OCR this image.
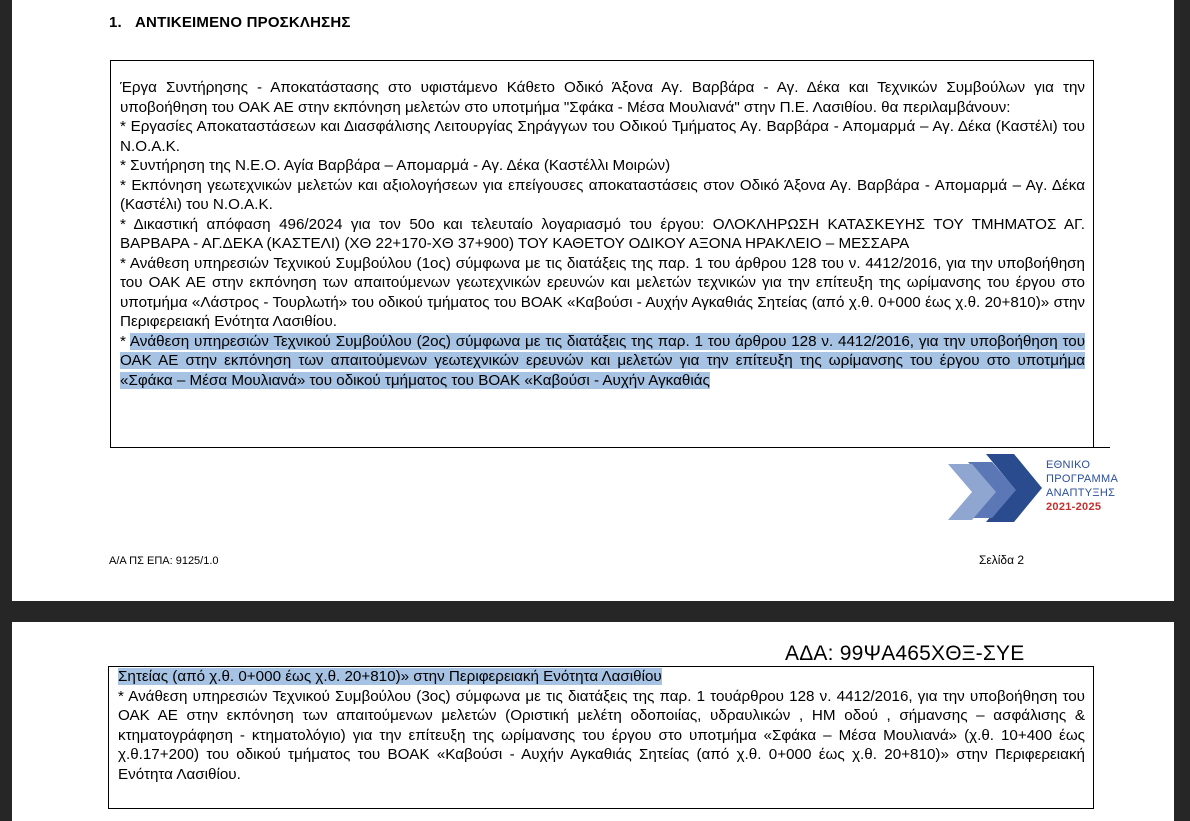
1.   ΑΝΤΙΚΕΙΜΕΝΟ ΠΡΟΣΚΛΗΣΗΣ

Έργα Συντήρησης - Αποκατάστασης στο υφιστάμενο Κάθετο Οδικό Άξονα Αγ. Βαρβάρα - Αγ. Δέκα και Τεχνικών Συμβούλων για την υποβοήθηση του ΟΑΚ ΑΕ στην εκπόνηση μελετών στο υποτμήμα "Σφάκα - Μέσα Μουλιανά" στην Π.Ε. Λασιθίου. θα περιλαμβάνουν:

* Εργασίες Αποκαταστάσεων και Διασφάλισης Λειτουργίας Σηράγγων του Οδικού Τμήματος Αγ. Βαρβάρα - Απομαρμά – Αγ. Δέκα (Καστέλι) του Ν.Ο.Α.Κ.

* Συντήρηση της Ν.Ε.Ο. Αγία Βαρβάρα – Απομαρμά - Αγ. Δέκα (Καστέλλι Μοιρών)

* Εκπόνηση γεωτεχνικών μελετών και αξιολογήσεων για επείγουσες αποκαταστάσεις στον Οδικό Άξονα Αγ. Βαρβάρα - Απομαρμά – Αγ. Δέκα (Καστέλι) του Ν.Ο.Α.Κ.

* Δικαστική απόφαση 496/2024 για τον 50ο και τελευταίο λογαριασμό του έργου: ΟΛΟΚΛΗΡΩΣΗ ΚΑΤΑΣΚΕΥΗΣ ΤΟΥ ΤΜΗΜΑΤΟΣ ΑΓ. ΒΑΡΒΑΡΑ - ΑΓ.ΔΕΚΑ (ΚΑΣΤΕΛΙ) (ΧΘ 22+170-ΧΘ 37+900) ΤΟΥ ΚΑΘΕΤΟΥ ΟΔΙΚΟΥ ΑΞΟΝΑ ΗΡΑΚΛΕΙΟ – ΜΕΣΣΑΡΑ

* Ανάθεση υπηρεσιών Τεχνικού Συμβούλου (1ος) σύμφωνα με τις διατάξεις της παρ. 1 του άρθρου 128 του ν. 4412/2016, για την υποβοήθηση του ΟΑΚ ΑΕ στην εκπόνηση των απαιτούμενων γεωτεχνικών ερευνών και μελετών τεχνικών για την επίτευξη της ωρίμανσης του έργου στο υποτμήμα «Λάστρος - Τουρλωτή» του οδικού τμήματος του ΒΟΑΚ «Καβούσι - Αυχήν Αγκαθιάς Σητείας (από χ.θ. 0+000 έως χ.θ. 20+810)» στην Περιφερειακή Ενότητα Λασιθίου.

* Ανάθεση υπηρεσιών Τεχνικού Συμβούλου (2ος) σύμφωνα με τις διατάξεις της παρ. 1 του άρθρου 128 ν. 4412/2016, για την υποβοήθηση του ΟΑΚ ΑΕ στην εκπόνηση των απαιτούμενων γεωτεχνικών ερευνών και μελετών για την επίτευξη της ωρίμανσης του έργου στο υποτμήμα «Σφάκα – Μέσα Μουλιανά» του οδικού τμήματος του ΒΟΑΚ «Καβούσι - Αυχήν Αγκαθιάς

ΕΘΝΙΚΟ
ΠΡΟΓΡΑΜΜΑ
ΑΝΑΠΤΥΞΗΣ
2021-2025
Α/Α ΠΣ ΕΠΑ: 9125/1.0	Σελίδα 2
ΑΔΑ: 99ΨΑ465ΧΘΞ-ΣΥΕ

Σητείας (από χ.θ. 0+000 έως χ.θ. 20+810)» στην Περιφερειακή Ενότητα Λασιθίου

* Ανάθεση υπηρεσιών Τεχνικού Συμβούλου (3ος) σύμφωνα με τις διατάξεις της παρ. 1 τουάρθρου 128 ν. 4412/2016, για την υποβοήθηση του ΟΑΚ ΑΕ στην εκπόνηση των απαιτούμενων μελετών (Οριστική μελέτη οδοποιίας, υδραυλικών , ΗΜ οδού , σήμανσης – ασφάλισης & κτηματογράφηση - κτηματολόγιο) για την επίτευξη της ωρίμανσης του έργου στο υποτμήμα «Σφάκα – Μέσα Μουλιανά» (χ.θ. 10+400 έως χ.θ.17+200) του οδικού τμήματος του ΒΟΑΚ «Καβούσι - Αυχήν Αγκαθιάς Σητείας (από χ.θ. 0+000 έως χ.θ. 20+810)» στην Περιφερειακή Ενότητα Λασιθίου.
